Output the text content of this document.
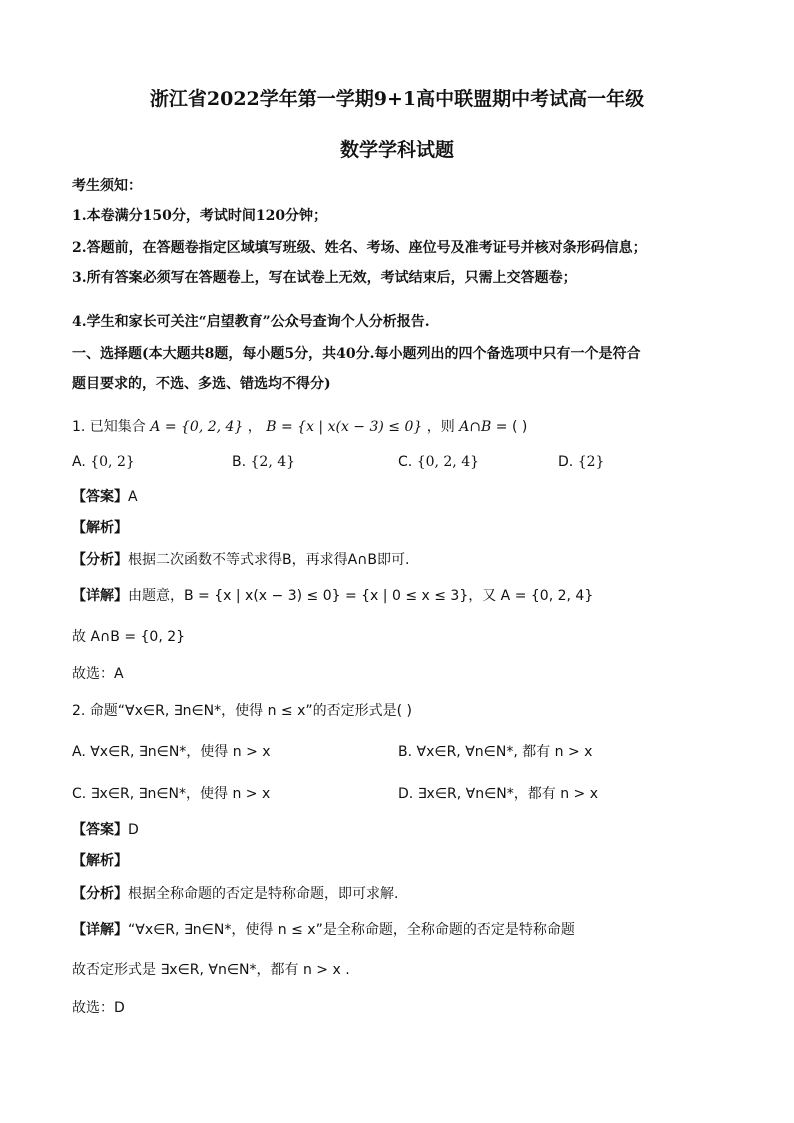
浙江省2022学年第一学期9+1高中联盟期中考试高一年级
数学学科试题
考生须知：
1.本卷满分150分，考试时间120分钟；
2.答题前，在答题卷指定区域填写班级、姓名、考场、座位号及准考证号并核对条形码信息；
3.所有答案必须写在答题卷上，写在试卷上无效，考试结束后，只需上交答题卷；
4.学生和家长可关注“启望教育”公众号查询个人分析报告.
一、选择题(本大题共8题，每小题5分，共40分.每小题列出的四个备选项中只有一个是符合
题目要求的，不选、多选、错选均不得分)
1. 已知集合 A = {0, 2, 4} ， B = {x | x(x − 3) ≤ 0} ，则 A∩B = ( )
A. {0, 2}	B. {2, 4}	C. {0, 2, 4}	D. {2}
【答案】A
【解析】
【分析】根据二次函数不等式求得B，再求得A∩B即可.
【详解】由题意，B = {x | x(x − 3) ≤ 0} = {x | 0 ≤ x ≤ 3}，又 A = {0, 2, 4}
故 A∩B = {0, 2}
故选：A
2. 命题“∀x∈R, ∃n∈N*，使得 n ≤ x”的否定形式是( )
A. ∀x∈R, ∃n∈N*，使得 n > x	B. ∀x∈R, ∀n∈N*, 都有 n > x
C. ∃x∈R, ∃n∈N*，使得 n > x	D. ∃x∈R, ∀n∈N*，都有 n > x
【答案】D
【解析】
【分析】根据全称命题的否定是特称命题，即可求解.
【详解】“∀x∈R, ∃n∈N*，使得 n ≤ x”是全称命题，全称命题的否定是特称命题
故否定形式是 ∃x∈R, ∀n∈N*，都有 n > x .
故选：D
